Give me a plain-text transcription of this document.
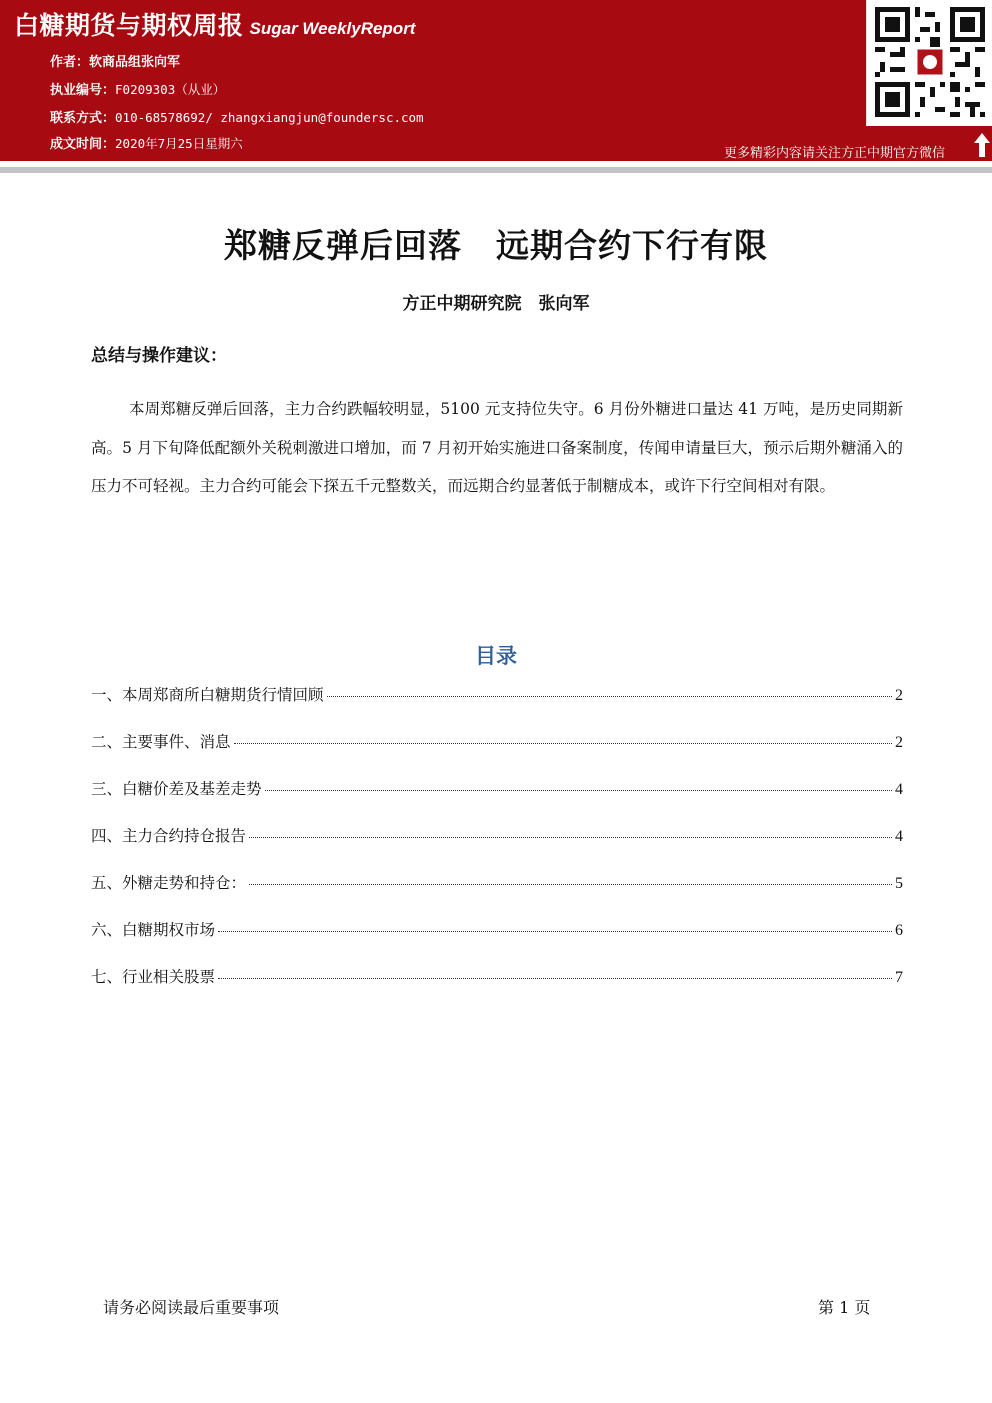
白糖期货与期权周报 Sugar WeeklyReport
作者：软商品组张向军
执业编号：F0209303（从业）
联系方式：010-68578692/ zhangxiangjun@foundersc.com
成文时间：2020年7月25日星期六
更多精彩内容请关注方正中期官方微信
郑糖反弹后回落　远期合约下行有限
方正中期研究院　张向军
总结与操作建议：
本周郑糖反弹后回落，主力合约跌幅较明显，5100 元支持位失守。6 月份外糖进口量达 41 万吨，是历史同期新高。5 月下旬降低配额外关税刺激进口增加，而 7 月初开始实施进口备案制度，传闻申请量巨大，预示后期外糖涌入的压力不可轻视。主力合约可能会下探五千元整数关，而远期合约显著低于制糖成本，或许下行空间相对有限。
目录
一、本周郑商所白糖期货行情回顾	2
二、主要事件、消息	2
三、白糖价差及基差走势	4
四、主力合约持仓报告	4
五、外糖走势和持仓：	5
六、白糖期权市场	6
七、行业相关股票	7
请务必阅读最后重要事项	第 1 页
